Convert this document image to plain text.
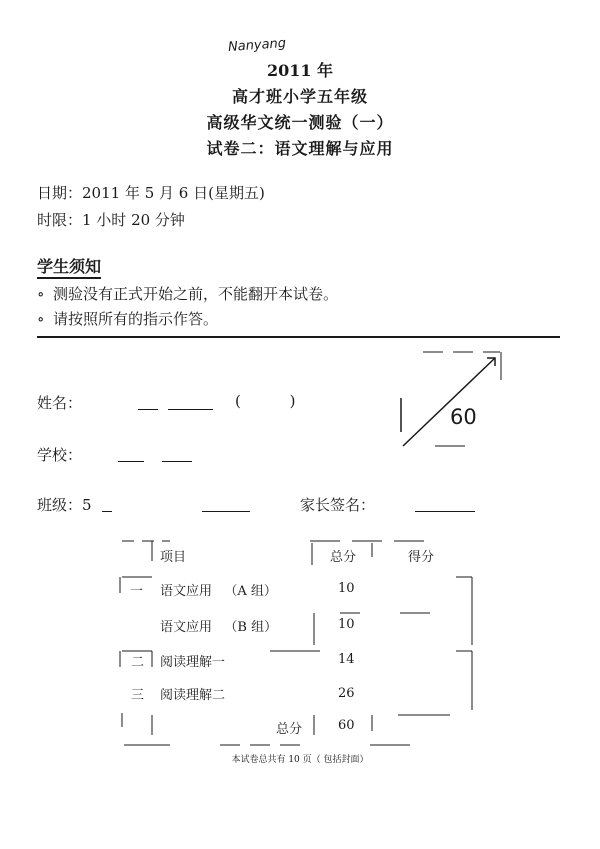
Nanyang
2011 年
高才班小学五年级
高级华文统一测验（一）
试卷二：语文理解与应用
日期：2011 年 5 月 6 日(星期五)
时限：1 小时 20 分钟
学生须知
∘ 测验没有正式开始之前，不能翻开本试卷。
∘ 请按照所有的指示作答。
60
姓名：	( )
学校：
班级：5	家长签名：
项目	总分	得分
一 语文应用   （A 组）	10
语文应用   （B 组）	10
二 阅读理解一	14
三 阅读理解二	26
总分	60
本试卷总共有 10 页（ 包括封面）
